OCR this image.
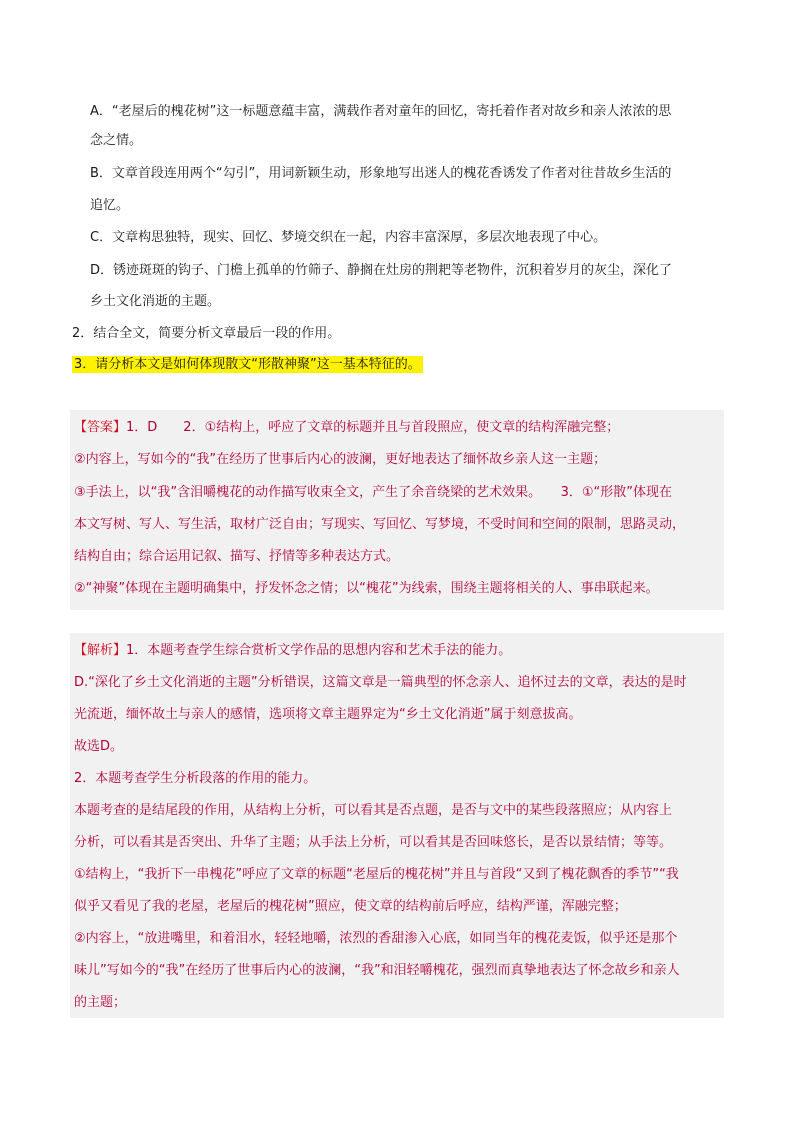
A．“老屋后的槐花树”这一标题意蕴丰富，满载作者对童年的回忆，寄托着作者对故乡和亲人浓浓的思

念之情。

B．文章首段连用两个“勾引”，用词新颖生动，形象地写出迷人的槐花香诱发了作者对往昔故乡生活的

追忆。

C．文章构思独特，现实、回忆、梦境交织在一起，内容丰富深厚，多层次地表现了中心。

D．锈迹斑斑的钩子、门檐上孤单的竹筛子、静搁在灶房的荆耙等老物件，沉积着岁月的灰尘，深化了

乡土文化消逝的主题。

2．结合全文，简要分析文章最后一段的作用。

3．请分析本文是如何体现散文“形散神聚”这一基本特征的。

【答案】1．D　　2．①结构上，呼应了文章的标题并且与首段照应，使文章的结构浑融完整；

②内容上，写如今的“我”在经历了世事后内心的波澜，更好地表达了缅怀故乡亲人这一主题；

③手法上，以“我”含泪嚼槐花的动作描写收束全文，产生了余音绕梁的艺术效果。　　3．①“形散”体现在

本文写树、写人、写生活，取材广泛自由；写现实、写回忆、写梦境，不受时间和空间的限制，思路灵动，

结构自由；综合运用记叙、描写、抒情等多种表达方式。

②“神聚”体现在主题明确集中，抒发怀念之情；以“槐花”为线索，围绕主题将相关的人、事串联起来。

【解析】1．本题考查学生综合赏析文学作品的思想内容和艺术手法的能力。

D.“深化了乡土文化消逝的主题”分析错误，这篇文章是一篇典型的怀念亲人、追怀过去的文章，表达的是时

光流逝，缅怀故土与亲人的感情，选项将文章主题界定为“乡土文化消逝”属于刻意拔高。

故选D。

2．本题考查学生分析段落的作用的能力。

本题考查的是结尾段的作用，从结构上分析，可以看其是否点题，是否与文中的某些段落照应；从内容上

分析，可以看其是否突出、升华了主题；从手法上分析，可以看其是否回味悠长，是否以景结情；等等。

①结构上，“我折下一串槐花”呼应了文章的标题“老屋后的槐花树”并且与首段“又到了槐花飘香的季节”“我

似乎又看见了我的老屋，老屋后的槐花树”照应，使文章的结构前后呼应，结构严谨，浑融完整；

②内容上，“放进嘴里，和着泪水，轻轻地嚼，浓烈的香甜渗入心底，如同当年的槐花麦饭，似乎还是那个

味儿”写如今的“我”在经历了世事后内心的波澜，“我”和泪轻嚼槐花，强烈而真挚地表达了怀念故乡和亲人

的主题；
